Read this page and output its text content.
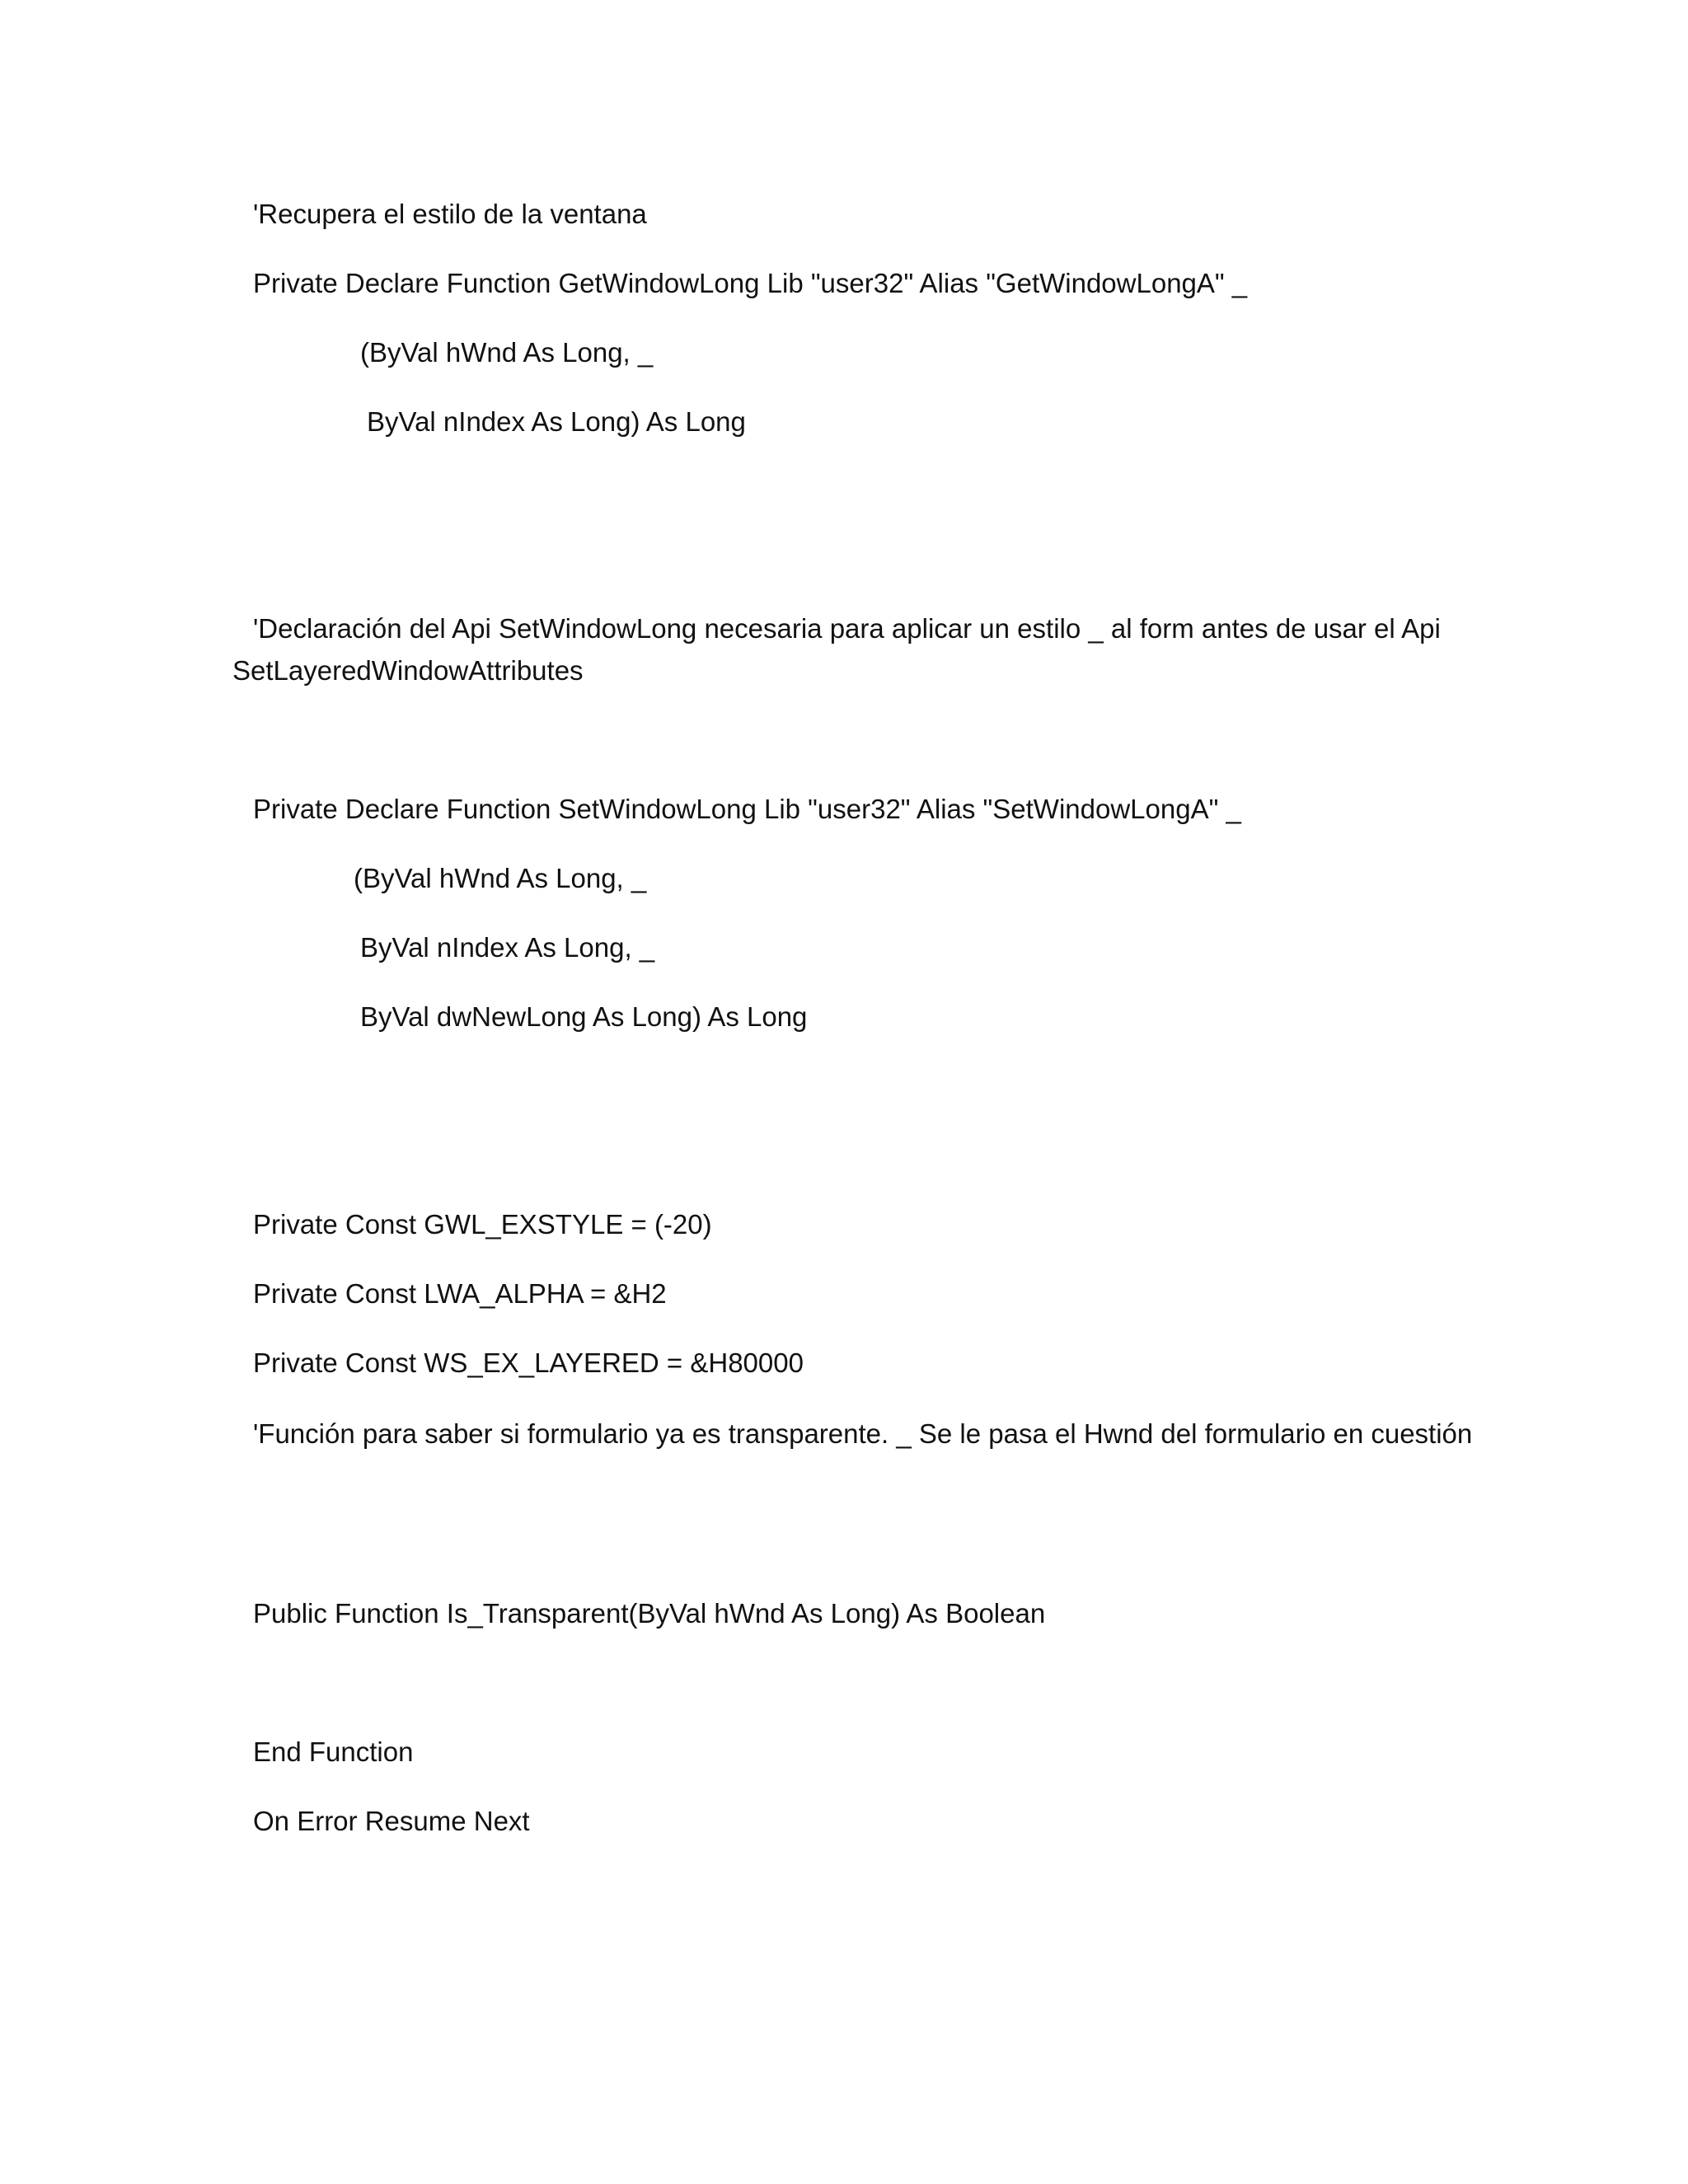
'Recupera el estilo de la ventana
Private Declare Function GetWindowLong Lib "user32" Alias "GetWindowLongA" _
(ByVal hWnd As Long, _
ByVal nIndex As Long) As Long
'Declaración del Api SetWindowLong necesaria para aplicar un estilo _ al form antes de usar el Api SetLayeredWindowAttributes
Private Declare Function SetWindowLong Lib "user32" Alias "SetWindowLongA" _
(ByVal hWnd As Long, _
ByVal nIndex As Long, _
ByVal dwNewLong As Long) As Long
Private Const GWL_EXSTYLE = (-20)
Private Const LWA_ALPHA = &H2
Private Const WS_EX_LAYERED = &H80000
'Función para saber si formulario ya es transparente. _ Se le pasa el Hwnd del formulario en cuestión
Public Function Is_Transparent(ByVal hWnd As Long) As Boolean
End Function
On Error Resume Next
